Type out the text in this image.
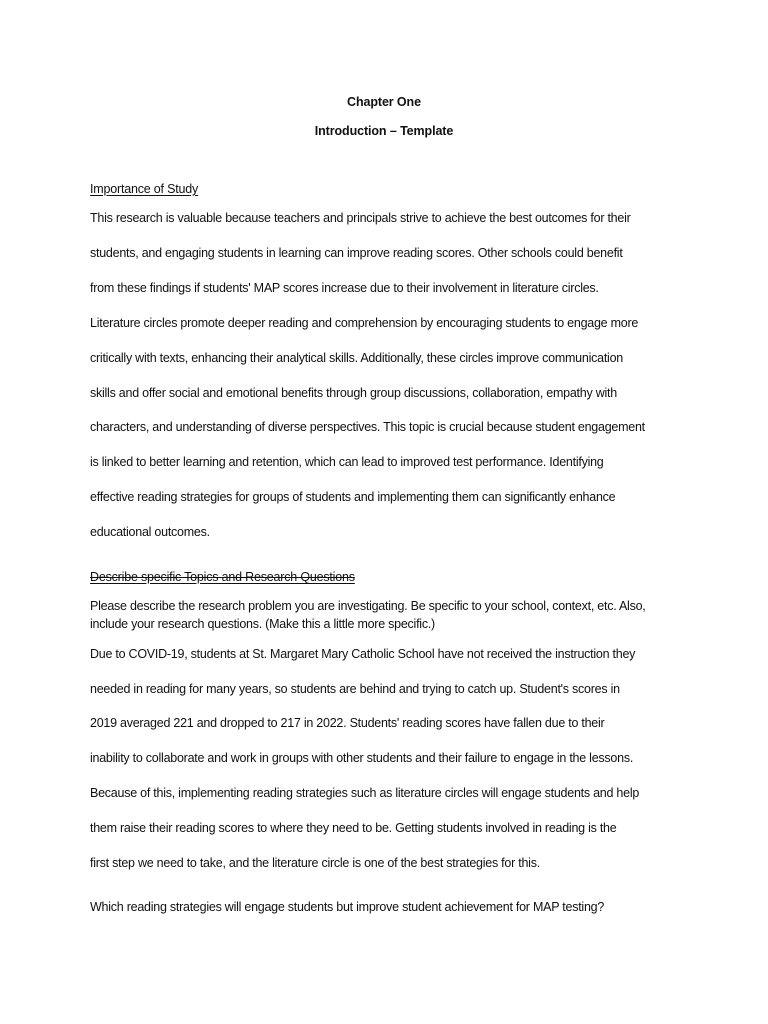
Chapter One
Introduction – Template
Importance of Study
This research is valuable because teachers and principals strive to achieve the best outcomes for their
students, and engaging students in learning can improve reading scores. Other schools could benefit
from these findings if students' MAP scores increase due to their involvement in literature circles.
Literature circles promote deeper reading and comprehension by encouraging students to engage more
critically with texts, enhancing their analytical skills. Additionally, these circles improve communication
skills and offer social and emotional benefits through group discussions, collaboration, empathy with
characters, and understanding of diverse perspectives. This topic is crucial because student engagement
is linked to better learning and retention, which can lead to improved test performance. Identifying
effective reading strategies for groups of students and implementing them can significantly enhance
educational outcomes.
Describe specific Topics and Research Questions
Please describe the research problem you are investigating. Be specific to your school, context, etc. Also,
include your research questions. (Make this a little more specific.)
Due to COVID-19, students at St. Margaret Mary Catholic School have not received the instruction they
needed in reading for many years, so students are behind and trying to catch up. Student's scores in
2019 averaged 221 and dropped to 217 in 2022. Students' reading scores have fallen due to their
inability to collaborate and work in groups with other students and their failure to engage in the lessons.
Because of this, implementing reading strategies such as literature circles will engage students and help
them raise their reading scores to where they need to be. Getting students involved in reading is the
first step we need to take, and the literature circle is one of the best strategies for this.
Which reading strategies will engage students but improve student achievement for MAP testing?
